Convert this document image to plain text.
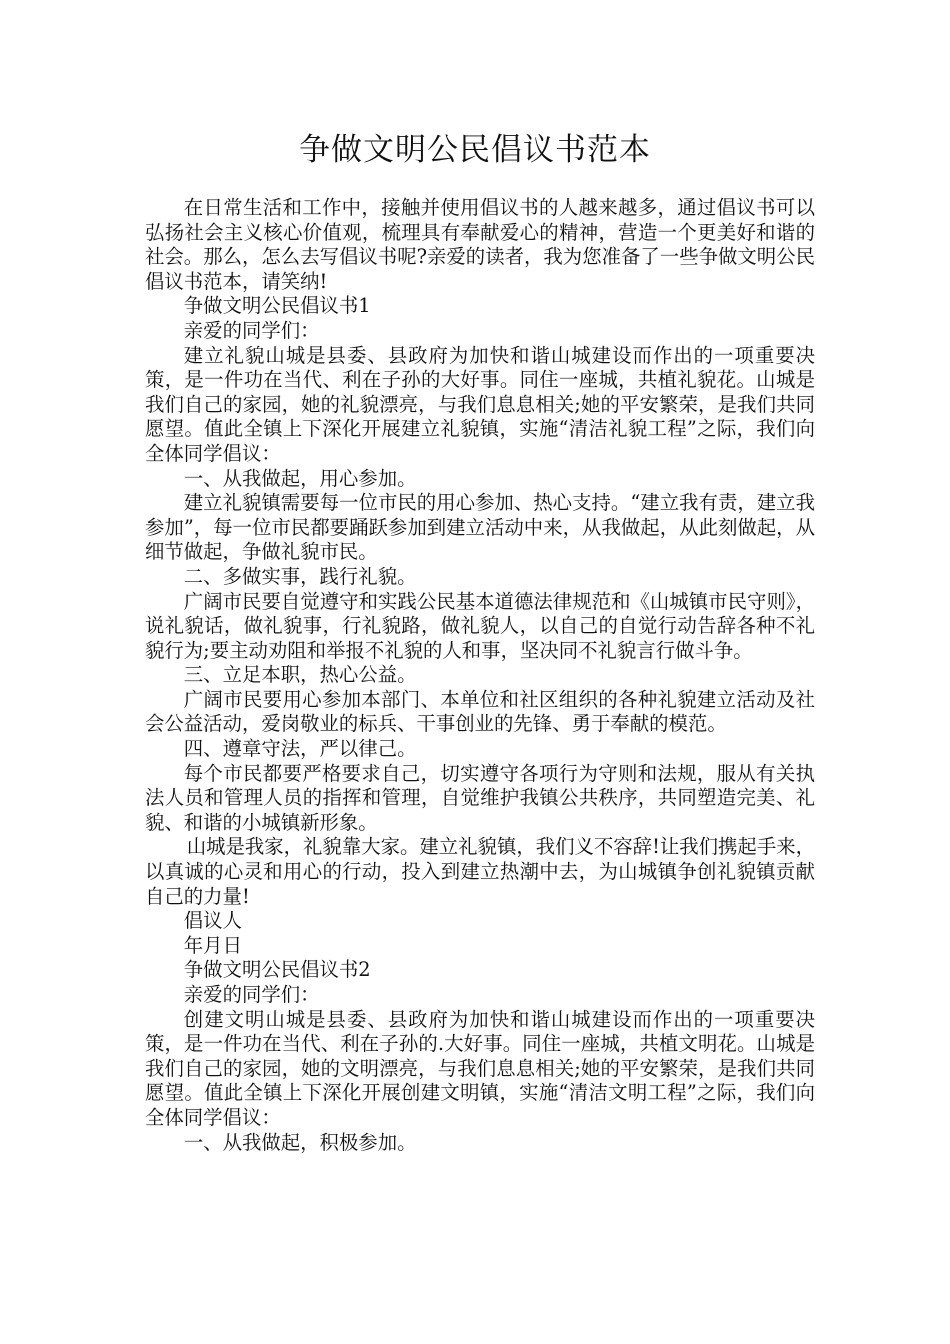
争做文明公民倡议书范本

在日常生活和工作中，接触并使用倡议书的人越来越多，通过倡议书可以弘扬社会主义核心价值观，梳理具有奉献爱心的精神，营造一个更美好和谐的社会。那么，怎么去写倡议书呢?亲爱的读者，我为您准备了一些争做文明公民倡议书范本，请笑纳!

争做文明公民倡议书1

亲爱的同学们：

建立礼貌山城是县委、县政府为加快和谐山城建设而作出的一项重要决策，是一件功在当代、利在子孙的大好事。同住一座城，共植礼貌花。山城是我们自己的家园，她的礼貌漂亮，与我们息息相关;她的平安繁荣，是我们共同愿望。值此全镇上下深化开展建立礼貌镇，实施“清洁礼貌工程”之际，我们向全体同学倡议：

一、从我做起，用心参加。

建立礼貌镇需要每一位市民的用心参加、热心支持。“建立我有责，建立我参加”，每一位市民都要踊跃参加到建立活动中来，从我做起，从此刻做起，从细节做起，争做礼貌市民。

二、多做实事，践行礼貌。

广阔市民要自觉遵守和实践公民基本道德法律规范和《山城镇市民守则》，说礼貌话，做礼貌事，行礼貌路，做礼貌人，以自己的自觉行动告辞各种不礼貌行为;要主动劝阻和举报不礼貌的人和事，坚决同不礼貌言行做斗争。

三、立足本职，热心公益。

广阔市民要用心参加本部门、本单位和社区组织的各种礼貌建立活动及社会公益活动，爱岗敬业的标兵、干事创业的先锋、勇于奉献的模范。

四、遵章守法，严以律己。

每个市民都要严格要求自己，切实遵守各项行为守则和法规，服从有关执法人员和管理人员的指挥和管理，自觉维护我镇公共秩序，共同塑造完美、礼貌、和谐的小城镇新形象。

山城是我家，礼貌靠大家。建立礼貌镇，我们义不容辞!让我们携起手来，以真诚的心灵和用心的行动，投入到建立热潮中去，为山城镇争创礼貌镇贡献自己的力量!

倡议人

年月日

争做文明公民倡议书2

亲爱的同学们：

创建文明山城是县委、县政府为加快和谐山城建设而作出的一项重要决策，是一件功在当代、利在子孙的.大好事。同住一座城，共植文明花。山城是我们自己的家园，她的文明漂亮，与我们息息相关;她的平安繁荣，是我们共同愿望。值此全镇上下深化开展创建文明镇，实施“清洁文明工程”之际，我们向全体同学倡议：

一、从我做起，积极参加。
